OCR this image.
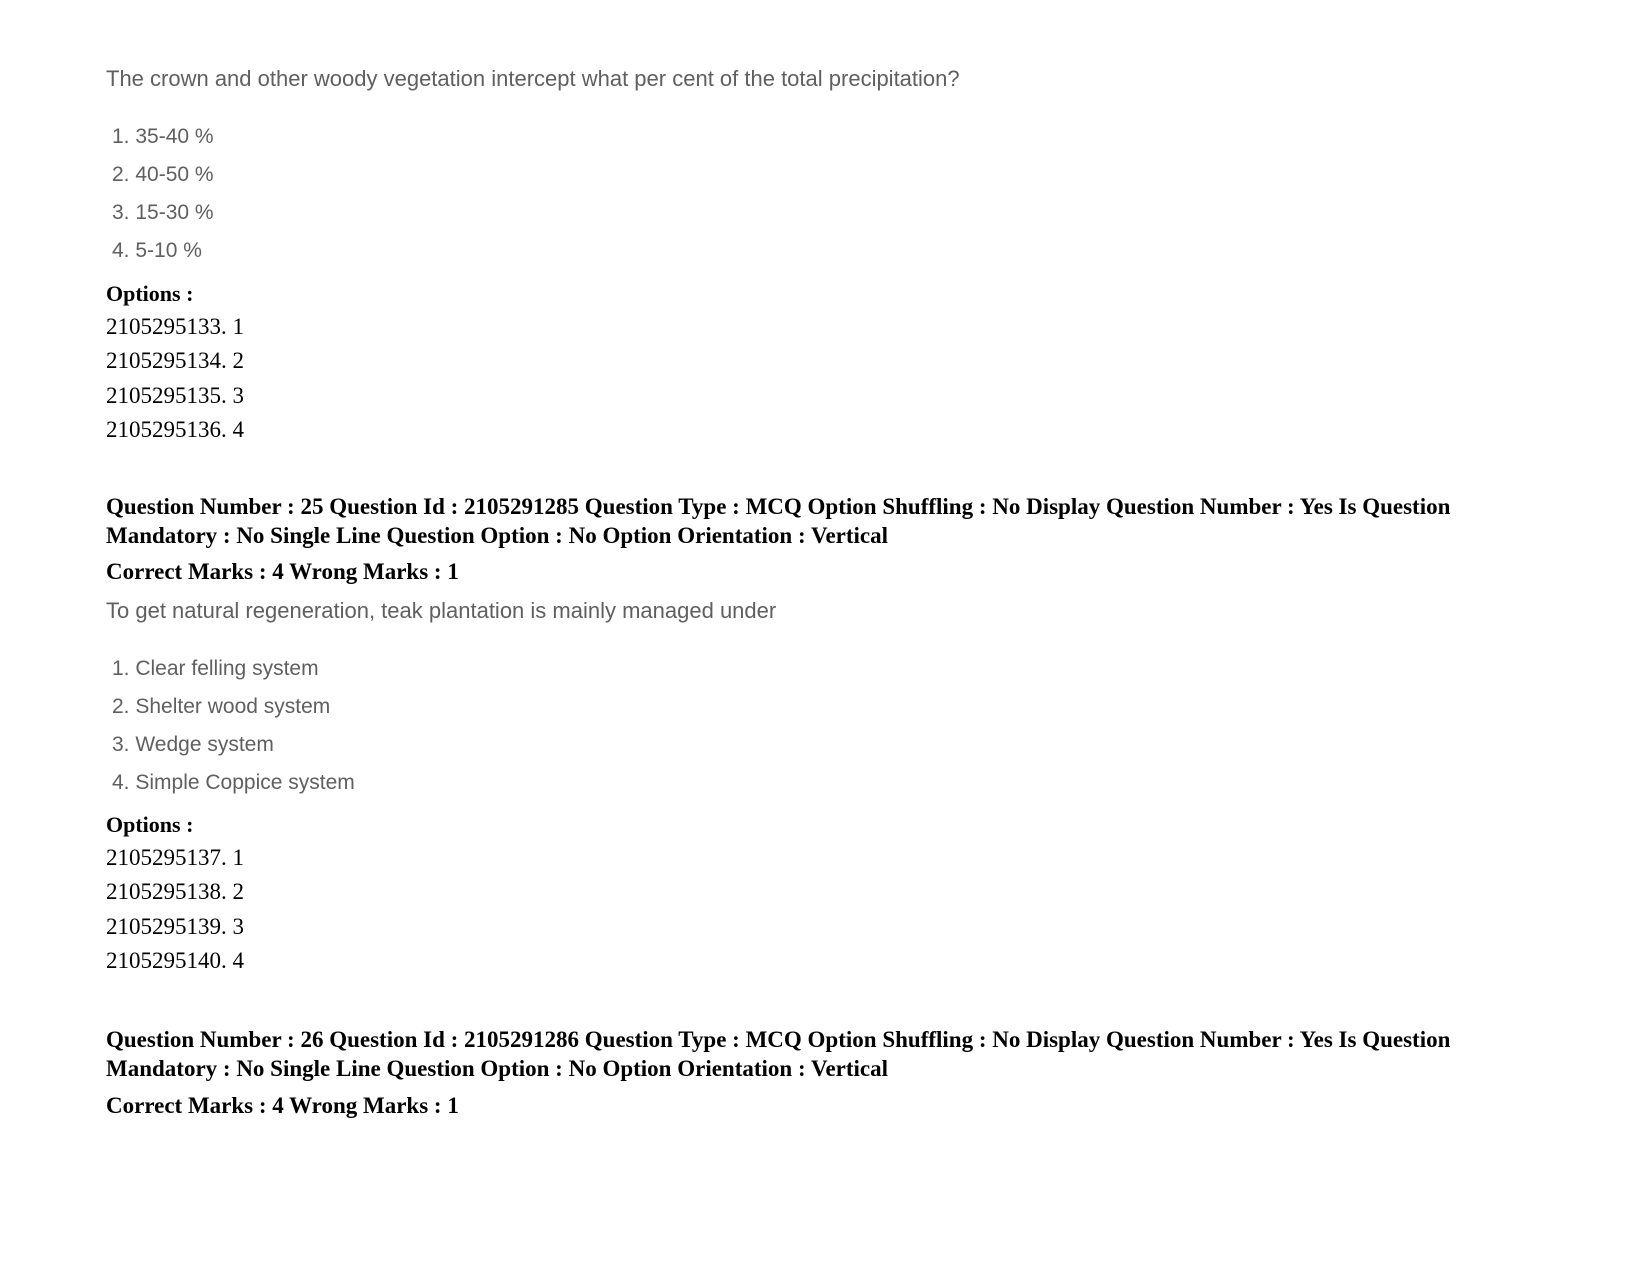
The crown and other woody vegetation intercept what per cent of the total precipitation?
1. 35-40 %
2. 40-50 %
3. 15-30 %
4. 5-10 %
Options :
2105295133. 1
2105295134. 2
2105295135. 3
2105295136. 4
Question Number : 25 Question Id : 2105291285 Question Type : MCQ Option Shuffling : No Display Question Number : Yes Is Question Mandatory : No Single Line Question Option : No Option Orientation : Vertical
Correct Marks : 4 Wrong Marks : 1
To get natural regeneration, teak plantation is mainly managed under
1. Clear felling system
2. Shelter wood system
3. Wedge system
4. Simple Coppice system
Options :
2105295137. 1
2105295138. 2
2105295139. 3
2105295140. 4
Question Number : 26 Question Id : 2105291286 Question Type : MCQ Option Shuffling : No Display Question Number : Yes Is Question Mandatory : No Single Line Question Option : No Option Orientation : Vertical
Correct Marks : 4 Wrong Marks : 1
